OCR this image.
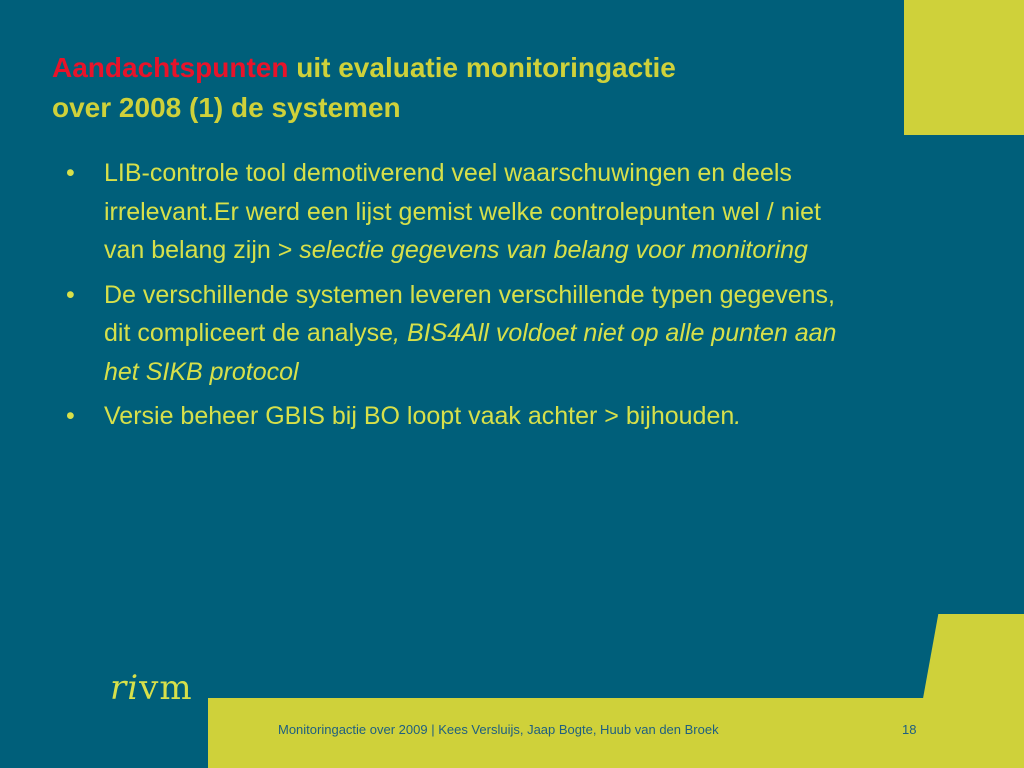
Aandachtspunten uit evaluatie monitoringactie
over 2008 (1) de systemen
• LIB-controle tool demotiverend veel waarschuwingen en deels irrelevant.Er werd een lijst gemist welke controlepunten wel / niet van belang zijn > selectie gegevens van belang voor monitoring
• De verschillende systemen leveren verschillende typen gegevens, dit compliceert de analyse, BIS4All voldoet niet op alle punten aan het SIKB protocol
• Versie beheer GBIS bij BO loopt vaak achter > bijhouden.
rivm
Monitoringactie over 2009 | Kees Versluijs, Jaap Bogte, Huub van den Broek	18
